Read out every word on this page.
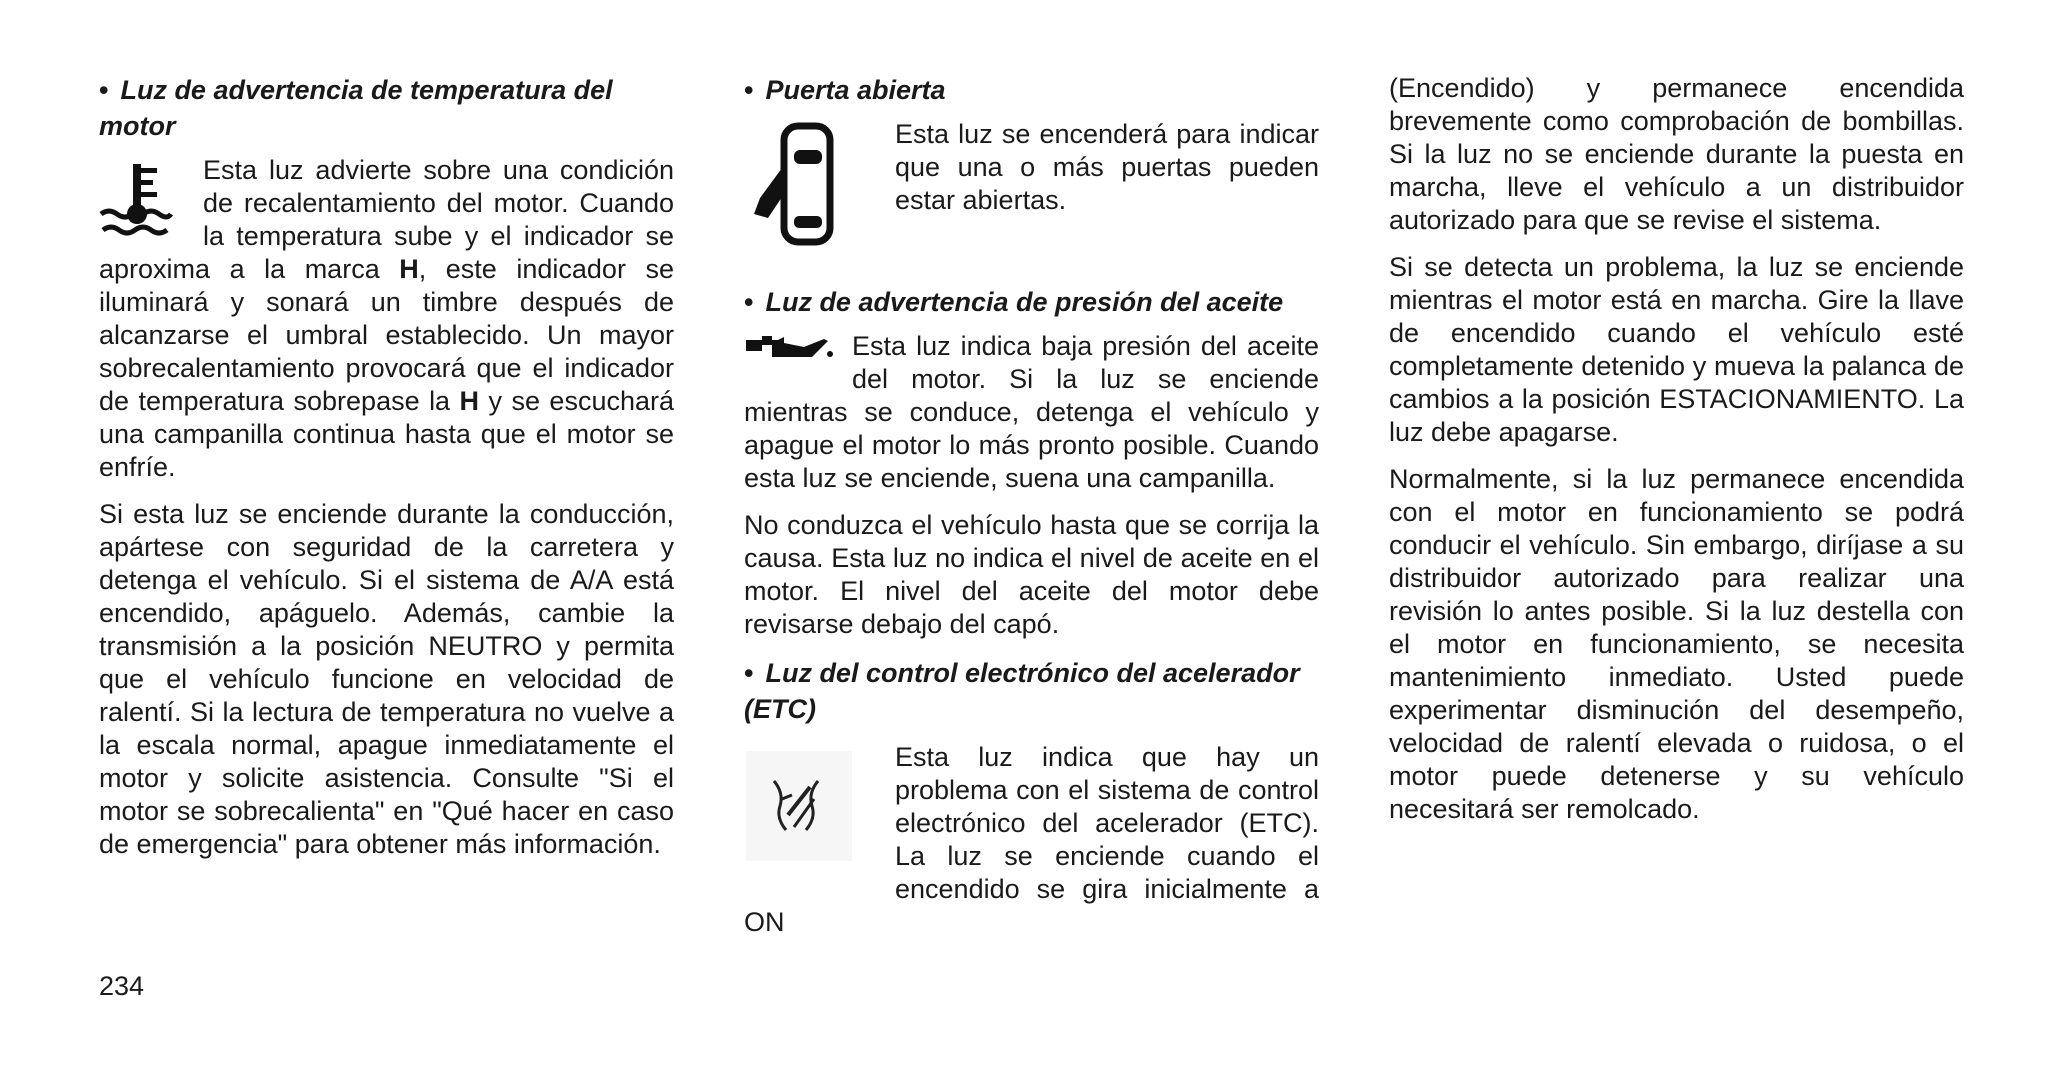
• Luz de advertencia de temperatura del motor

Esta luz advierte sobre una condición de recalentamiento del motor. Cuando la temperatura sube y el indicador se aproxima a la marca H, este indicador se iluminará y sonará un timbre después de alcanzarse el umbral establecido. Un mayor sobrecalentamiento provocará que el indicador de temperatura sobrepase la H y se escuchará una campanilla continua hasta que el motor se enfríe.

Si esta luz se enciende durante la conducción, apártese con seguridad de la carretera y detenga el vehículo. Si el sistema de A/A está encendido, apáguelo. Además, cambie la transmisión a la posición NEUTRO y permita que el vehículo funcione en velocidad de ralentí. Si la lectura de temperatura no vuelve a la escala normal, apague inmediatamente el motor y solicite asistencia. Consulte "Si el motor se sobrecalienta" en "Qué hacer en caso de emergencia" para obtener más información.

• Puerta abierta

Esta luz se encenderá para indicar que una o más puertas pueden estar abiertas.

• Luz de advertencia de presión del aceite

Esta luz indica baja presión del aceite del motor. Si la luz se enciende mientras se conduce, detenga el vehículo y apague el motor lo más pronto posible. Cuando esta luz se enciende, suena una campanilla.

No conduzca el vehículo hasta que se corrija la causa. Esta luz no indica el nivel de aceite en el motor. El nivel del aceite del motor debe revisarse debajo del capó.

• Luz del control electrónico del acelerador (ETC)

Esta luz indica que hay un problema con el sistema de control electrónico del acelerador (ETC). La luz se enciende cuando el encendido se gira inicialmente a ON

(Encendido) y permanece encendida brevemente como comprobación de bombillas. Si la luz no se enciende durante la puesta en marcha, lleve el vehículo a un distribuidor autorizado para que se revise el sistema.

Si se detecta un problema, la luz se enciende mientras el motor está en marcha. Gire la llave de encendido cuando el vehículo esté completamente detenido y mueva la palanca de cambios a la posición ESTACIONAMIENTO. La luz debe apagarse.

Normalmente, si la luz permanece encendida con el motor en funcionamiento se podrá conducir el vehículo. Sin embargo, diríjase a su distribuidor autorizado para realizar una revisión lo antes posible. Si la luz destella con el motor en funcionamiento, se necesita mantenimiento inmediato. Usted puede experimentar disminución del desempeño, velocidad de ralentí elevada o ruidosa, o el motor puede detenerse y su vehículo necesitará ser remolcado.

234
